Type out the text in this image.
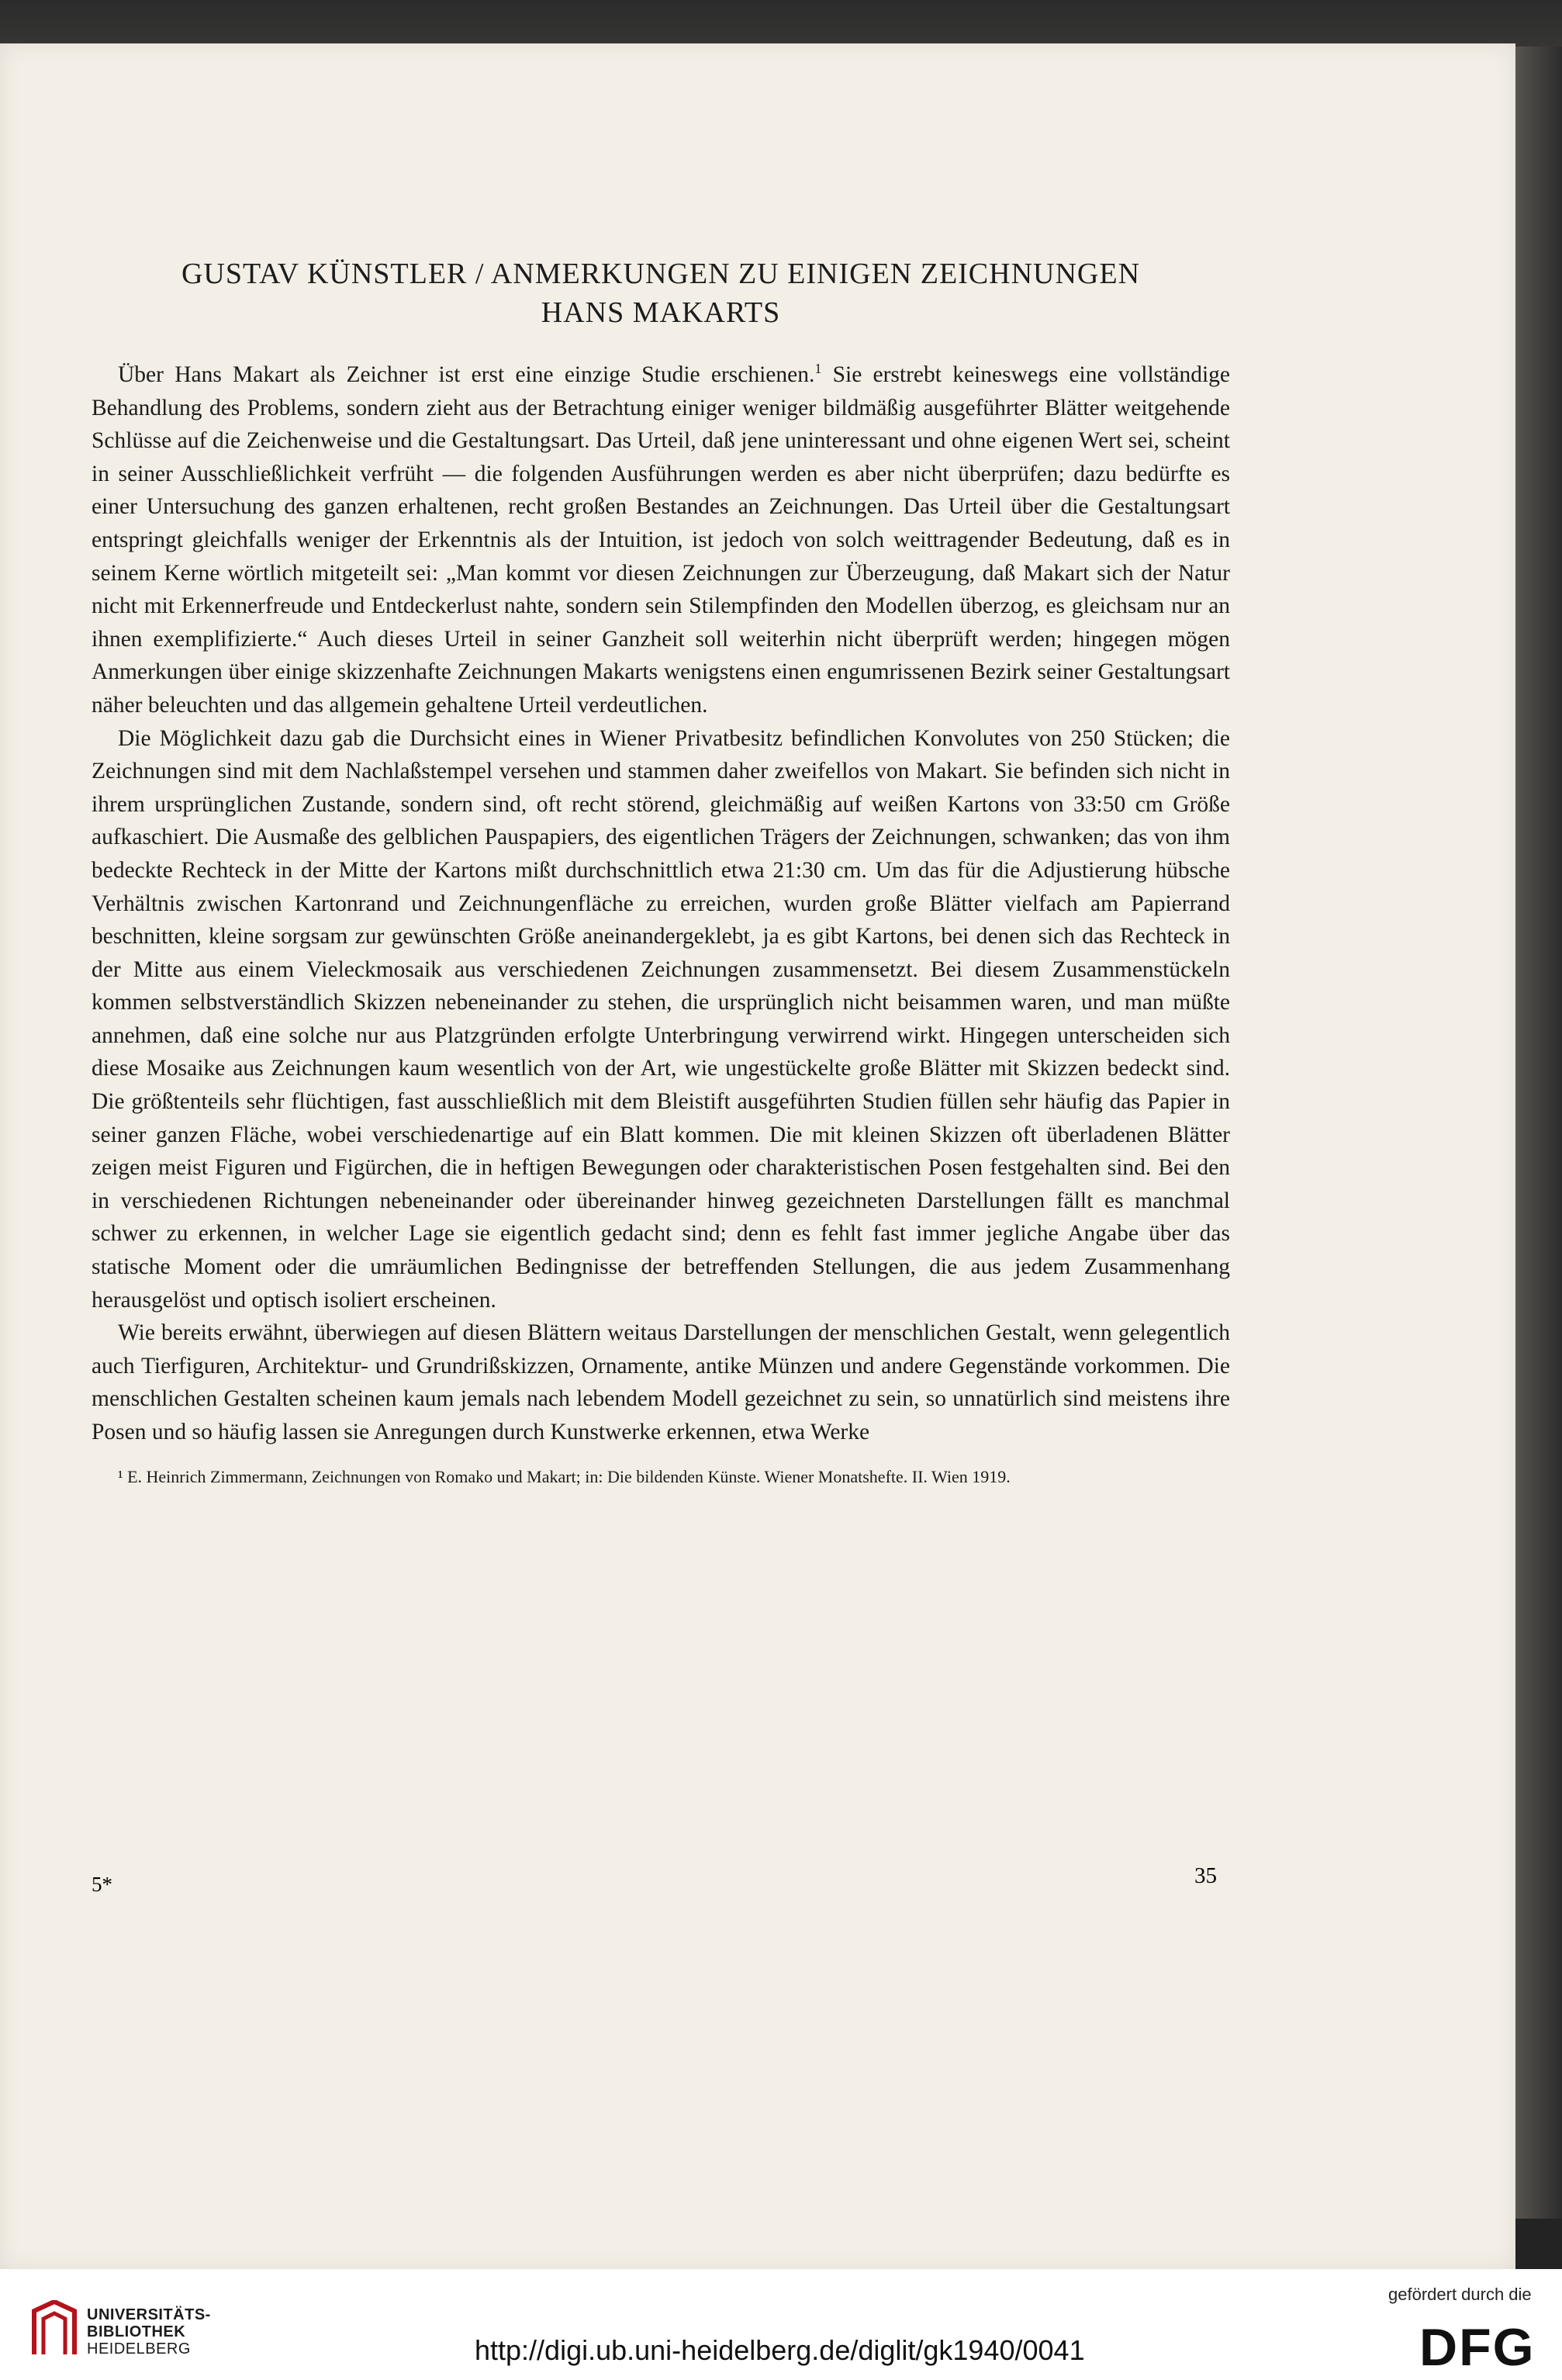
GUSTAV KÜNSTLER / ANMERKUNGEN ZU EINIGEN ZEICHNUNGEN
HANS MAKARTS

Über Hans Makart als Zeichner ist erst eine einzige Studie erschienen.$^1$ Sie erstrebt keineswegs eine vollständige Behandlung des Problems, sondern zieht aus der Betrachtung einiger weniger bildmäßig ausgeführter Blätter weitgehende Schlüsse auf die Zeichenweise und die Gestaltungsart. Das Urteil, daß jene uninteressant und ohne eigenen Wert sei, scheint in seiner Ausschließlichkeit verfrüht — die folgenden Ausführungen werden es aber nicht überprüfen; dazu bedürfte es einer Untersuchung des ganzen erhaltenen, recht großen Bestandes an Zeichnungen. Das Urteil über die Gestaltungsart entspringt gleichfalls weniger der Erkenntnis als der Intuition, ist jedoch von solch weittragender Bedeutung, daß es in seinem Kerne wörtlich mitgeteilt sei: „Man kommt vor diesen Zeichnungen zur Überzeugung, daß Makart sich der Natur nicht mit Erkennerfreude und Entdeckerlust nahte, sondern sein Stilempfinden den Modellen überzog, es gleichsam nur an ihnen exemplifizierte.“ Auch dieses Urteil in seiner Ganzheit soll weiterhin nicht überprüft werden; hingegen mögen Anmerkungen über einige skizzenhafte Zeichnungen Makarts wenigstens einen engumrissenen Bezirk seiner Gestaltungsart näher beleuchten und das allgemein gehaltene Urteil verdeutlichen.

Die Möglichkeit dazu gab die Durchsicht eines in Wiener Privatbesitz befindlichen Konvolutes von 250 Stücken; die Zeichnungen sind mit dem Nachlaßstempel versehen und stammen daher zweifellos von Makart. Sie befinden sich nicht in ihrem ursprünglichen Zustande, sondern sind, oft recht störend, gleichmäßig auf weißen Kartons von 33:50 cm Größe aufkaschiert. Die Ausmaße des gelblichen Pauspapiers, des eigentlichen Trägers der Zeichnungen, schwanken; das von ihm bedeckte Rechteck in der Mitte der Kartons mißt durchschnittlich etwa 21:30 cm. Um das für die Adjustierung hübsche Verhältnis zwischen Kartonrand und Zeichnungenfläche zu erreichen, wurden große Blätter vielfach am Papierrand beschnitten, kleine sorgsam zur gewünschten Größe aneinandergeklebt, ja es gibt Kartons, bei denen sich das Rechteck in der Mitte aus einem Vieleckmosaik aus verschiedenen Zeichnungen zusammensetzt. Bei diesem Zusammenstückeln kommen selbstverständlich Skizzen nebeneinander zu stehen, die ursprünglich nicht beisammen waren, und man müßte annehmen, daß eine solche nur aus Platzgründen erfolgte Unterbringung verwirrend wirkt. Hingegen unterscheiden sich diese Mosaike aus Zeichnungen kaum wesentlich von der Art, wie ungestückelte große Blätter mit Skizzen bedeckt sind. Die größtenteils sehr flüchtigen, fast ausschließlich mit dem Bleistift ausgeführten Studien füllen sehr häufig das Papier in seiner ganzen Fläche, wobei verschiedenartige auf ein Blatt kommen. Die mit kleinen Skizzen oft überladenen Blätter zeigen meist Figuren und Figürchen, die in heftigen Bewegungen oder charakteristischen Posen festgehalten sind. Bei den in verschiedenen Richtungen nebeneinander oder übereinander hinweg gezeichneten Darstellungen fällt es manchmal schwer zu erkennen, in welcher Lage sie eigentlich gedacht sind; denn es fehlt fast immer jegliche Angabe über das statische Moment oder die umräumlichen Bedingnisse der betreffenden Stellungen, die aus jedem Zusammenhang herausgelöst und optisch isoliert erscheinen.

Wie bereits erwähnt, überwiegen auf diesen Blättern weitaus Darstellungen der menschlichen Gestalt, wenn gelegentlich auch Tierfiguren, Architektur- und Grundrißskizzen, Ornamente, antike Münzen und andere Gegenstände vorkommen. Die menschlichen Gestalten scheinen kaum jemals nach lebendem Modell gezeichnet zu sein, so unnatürlich sind meistens ihre Posen und so häufig lassen sie Anregungen durch Kunstwerke erkennen, etwa Werke

¹ E. Heinrich Zimmermann, Zeichnungen von Romako und Makart; in: Die bildenden Künste. Wiener Monatshefte. II. Wien 1919.
5*	35
UNIVERSITÄTS-
BIBLIOTHEK
HEIDELBERG	http://digi.ub.uni-heidelberg.de/diglit/gk1940/0041
gefördert durch die
DFG
